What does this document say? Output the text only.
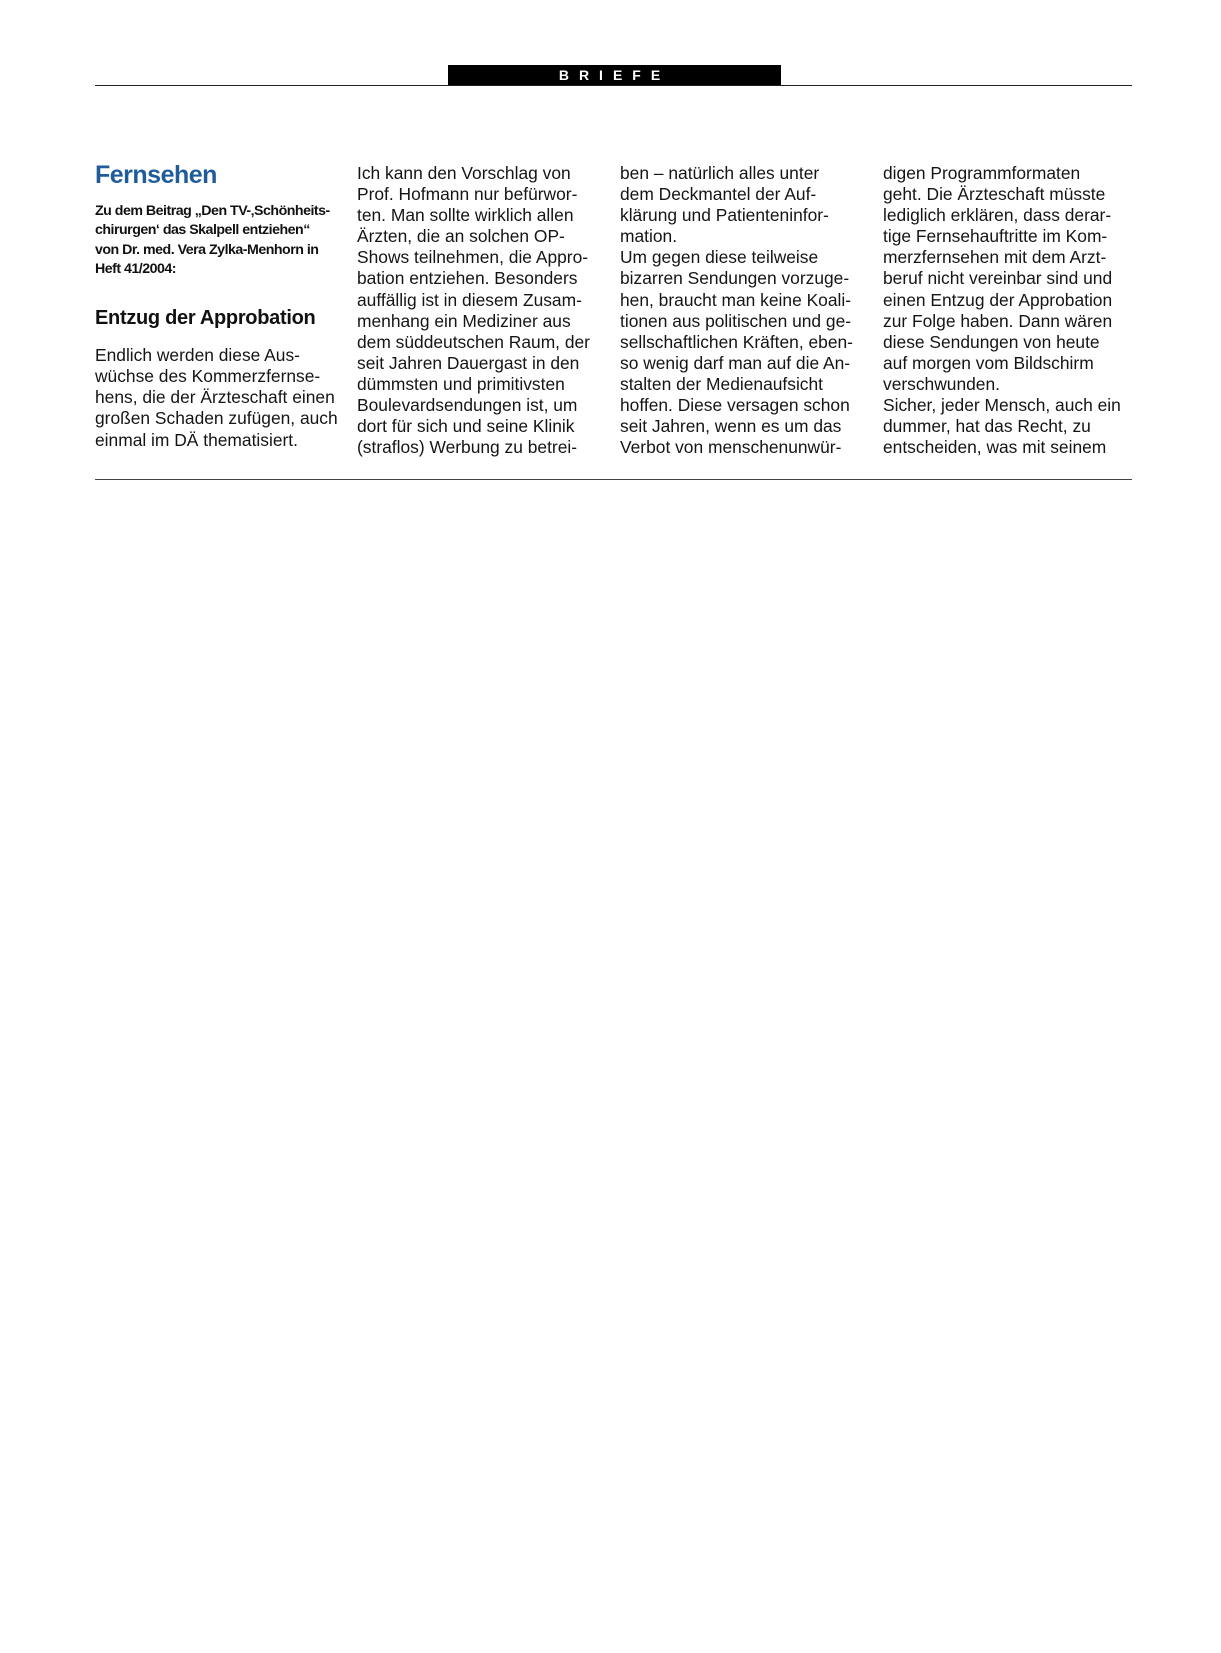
BRIEFE
Fernsehen
Zu dem Beitrag „Den TV-‚Schönheits-
chirurgen‘ das Skalpell entziehen“
von Dr. med. Vera Zylka-Menhorn in
Heft 41/2004:
Entzug der Approbation
Endlich werden diese Aus-
wüchse des Kommerzfernse-
hens, die der Ärzteschaft einen
großen Schaden zufügen, auch
einmal im DÄ thematisiert.
Ich kann den Vorschlag von
Prof. Hofmann nur befürwor-
ten. Man sollte wirklich allen
Ärzten, die an solchen OP-
Shows teilnehmen, die Appro-
bation entziehen. Besonders
auffällig ist in diesem Zusam-
menhang ein Mediziner aus
dem süddeutschen Raum, der
seit Jahren Dauergast in den
dümmsten und primitivsten
Boulevardsendungen ist, um
dort für sich und seine Klinik
(straflos) Werbung zu betrei-
ben – natürlich alles unter
dem Deckmantel der Auf-
klärung und Patienteninfor-
mation.
Um gegen diese teilweise
bizarren Sendungen vorzuge-
hen, braucht man keine Koali-
tionen aus politischen und ge-
sellschaftlichen Kräften, eben-
so wenig darf man auf die An-
stalten der Medienaufsicht
hoffen. Diese versagen schon
seit Jahren, wenn es um das
Verbot von menschenunwür-
digen Programmformaten
geht. Die Ärzteschaft müsste
lediglich erklären, dass derar-
tige Fernsehauftritte im Kom-
merzfernsehen mit dem Arzt-
beruf nicht vereinbar sind und
einen Entzug der Approbation
zur Folge haben. Dann wären
diese Sendungen von heute
auf morgen vom Bildschirm
verschwunden.
Sicher, jeder Mensch, auch ein
dummer, hat das Recht, zu
entscheiden, was mit seinem
